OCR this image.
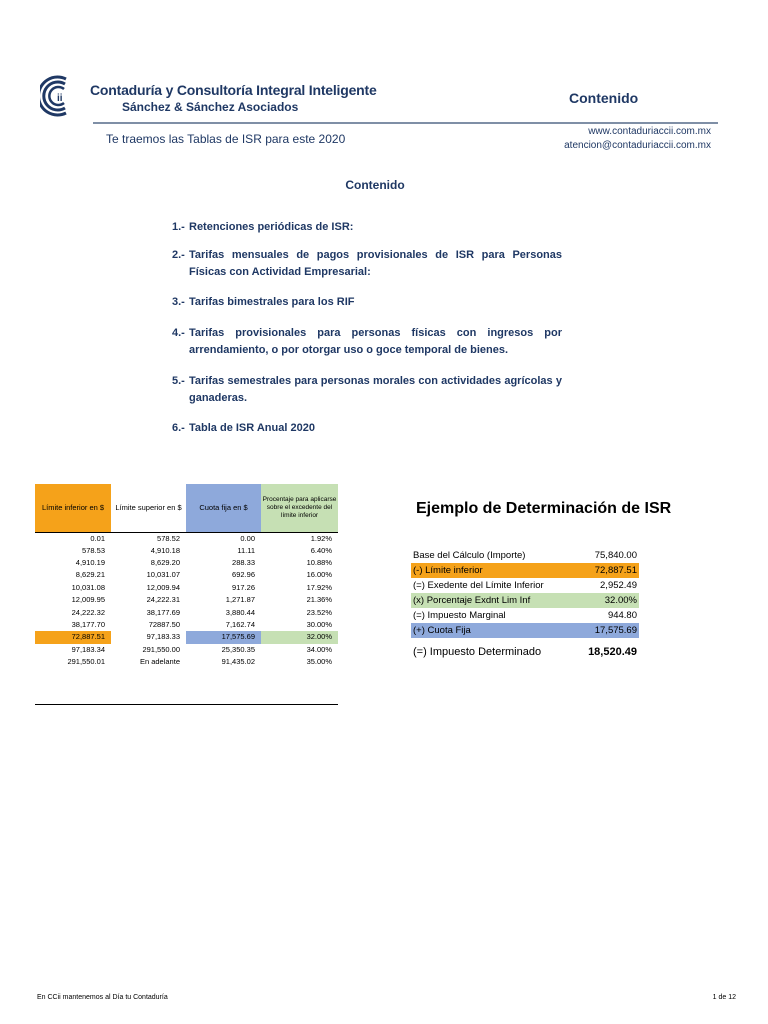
ii
Contaduría y Consultoría Integral Inteligente
Sánchez & Sánchez Asociados
Contenido
Te traemos las Tablas de ISR para este 2020
www.contaduriaccii.com.mx
atencion@contaduriaccii.com.mx
Contenido
1.- Retenciones periódicas de ISR:
2.- Tarifas mensuales de pagos provisionales de ISR para Personas Físicas con Actividad Empresarial:
3.- Tarifas bimestrales para los RIF
4.- Tarifas provisionales para personas físicas con ingresos por arrendamiento, o por otorgar uso o goce temporal de bienes.
5.- Tarifas semestrales para personas morales con actividades agrícolas y ganaderas.
6.- Tabla de ISR Anual 2020
Límite inferior en $	Límite superior en $	Cuota fija en $	Procentaje para aplicarse sobre el excedente del límite inferior
0.01	578.52	0.00	1.92%
578.53	4,910.18	11.11	6.40%
4,910.19	8,629.20	288.33	10.88%
8,629.21	10,031.07	692.96	16.00%
10,031.08	12,009.94	917.26	17.92%
12,009.95	24,222.31	1,271.87	21.36%
24,222.32	38,177.69	3,880.44	23.52%
38,177.70	72887.50	7,162.74	30.00%
72,887.51	97,183.33	17,575.69	32.00%
97,183.34	291,550.00	25,350.35	34.00%
291,550.01	En adelante	91,435.02	35.00%
Ejemplo de Determinación de ISR
Base del Cálculo (Importe)	75,840.00
(-) Límite inferior	72,887.51
(=) Exedente del Límite Inferior	2,952.49
(x) Porcentaje Exdnt Lim Inf	32.00%
(=) Impuesto Marginal	944.80
(+) Cuota Fija	17,575.69
(=) Impuesto Determinado	18,520.49
En CCii mantenemos al Día tu Contaduría	1 de 12
